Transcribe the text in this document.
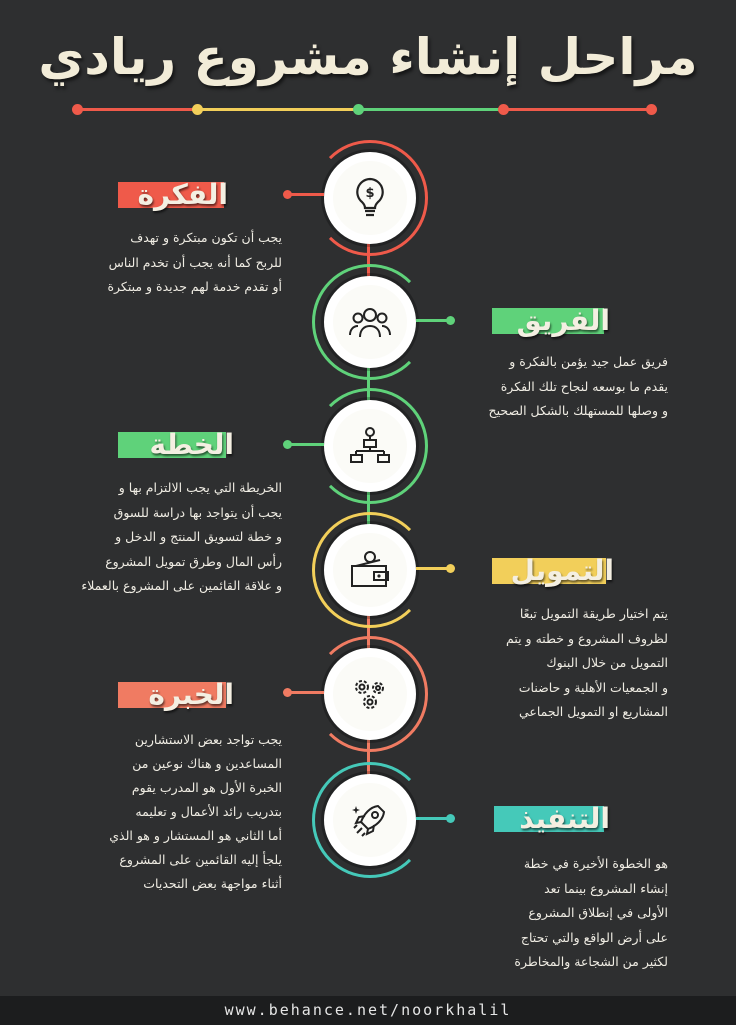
مراحل إنشاء مشروع ريادي
$
الفكرة
يجب أن تكون مبتكرة و تهدف
للربح كما أنه يجب أن تخدم الناس
أو تقدم خدمة لهم جديدة و مبتكرة
الفريق
فريق عمل جيد يؤمن بالفكرة و
يقدم ما بوسعه لنجاح تلك الفكرة
و وصلها للمستهلك بالشكل الصحيح
الخطة
الخريطة التي يجب الالتزام بها و
يجب أن يتواجد بها دراسة للسوق
و خطة لتسويق المنتج و الدخل و
رأس المال وطرق تمويل المشروع
و علاقة القائمين على المشروع بالعملاء	التمويل
يتم اختيار طريقة التمويل تبعًا
لظروف المشروع و خطته و يتم
التمويل من خلال البنوك
و الجمعيات الأهلية و حاضنات
المشاريع او التمويل الجماعي
الخبرة
يجب تواجد بعض الاستشارين
المساعدين و هناك نوعين من
الخبرة الأول هو المدرب يقوم
بتدريب رائد الأعمال و تعليمه
أما الثاني هو المستشار و هو الذي
يلجأ إليه القائمين على المشروع
أثناء مواجهة بعض التحديات
التنفيذ
هو الخطوة الأخيرة في خطة
إنشاء المشروع بينما تعد
الأولى في إنطلاق المشروع
على أرض الواقع والتي تحتاج
لكثير من الشجاعة والمخاطرة
www.behance.net/noorkhalil
